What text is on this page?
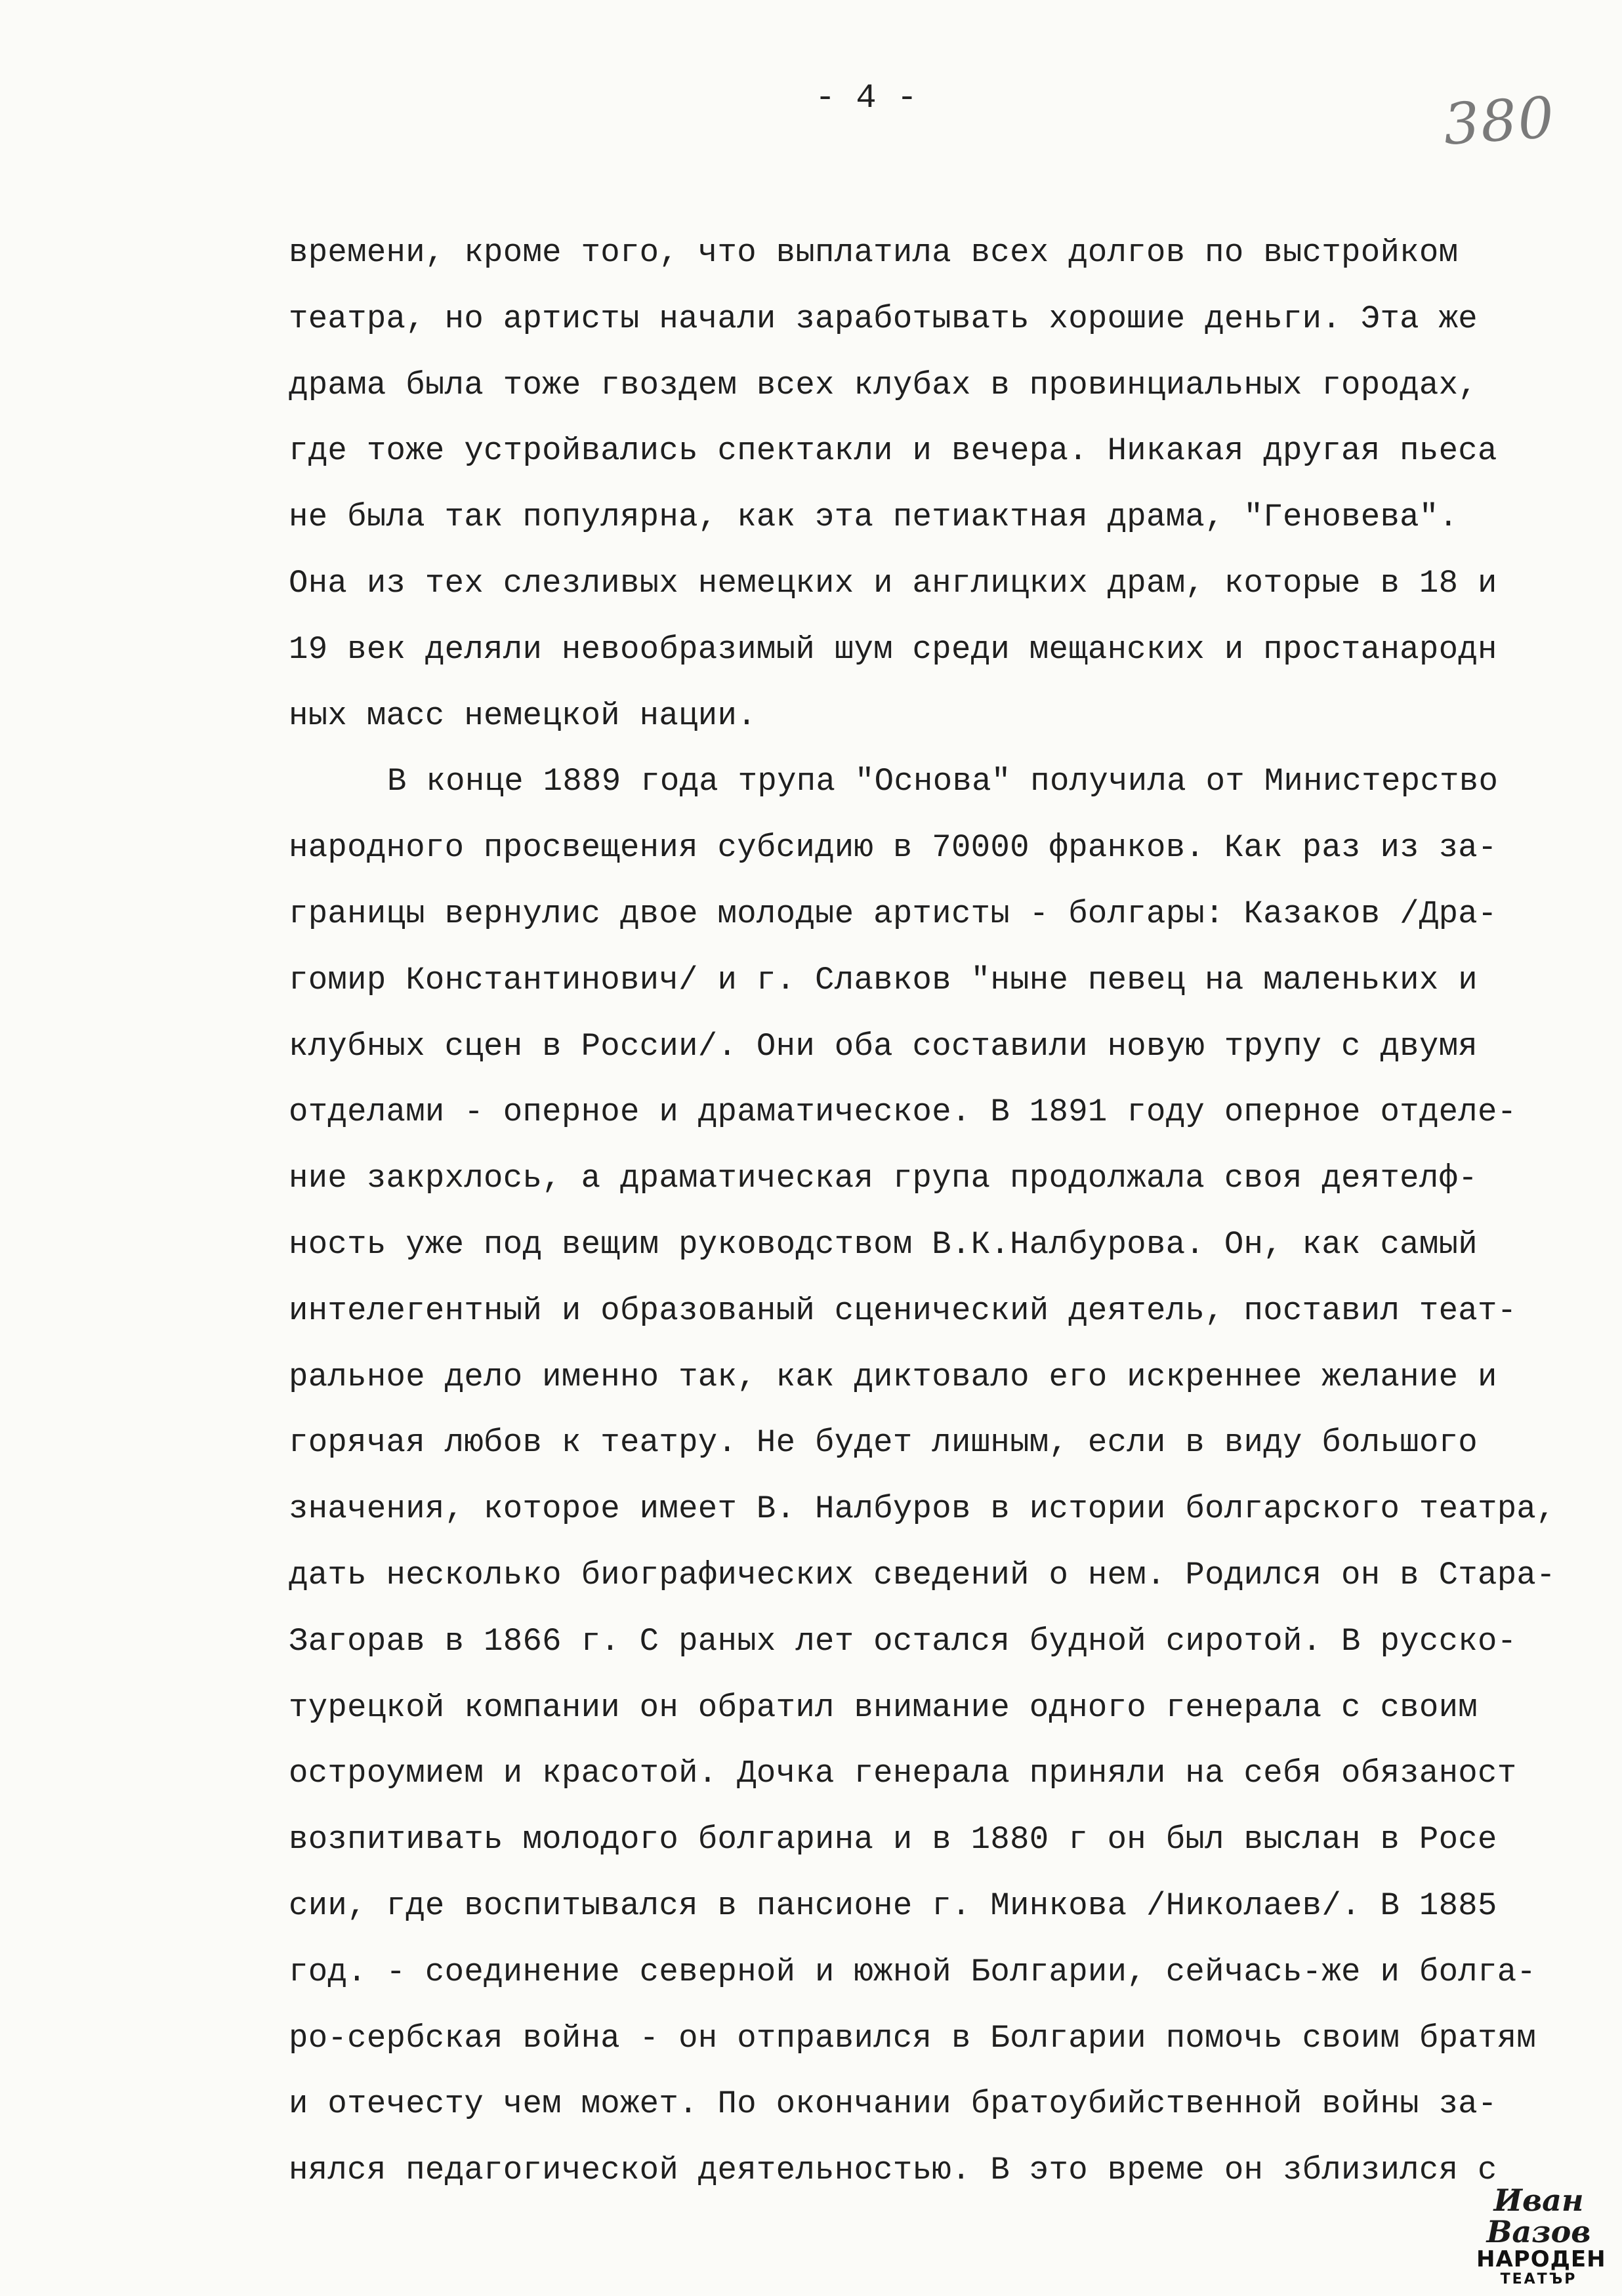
- 4 -	380
времени, кроме того, что выплатила всех долгов по выстройком
театра, но артисты начали заработывать хорошие деньги. Эта же
драма была тоже гвоздем всех клубах в провинциальных городах,
где тоже устройвались спектакли и вечера. Никакая другая пьеса
не была так популярна, как эта петиактная драма, "Геновева".
Она из тех слезливых немецких и англицких драм, которые в 18 и
19 век деляли невообразимый шум среди мещанских и простанародн
ных масс немецкой нации.
В конце 1889 года трупа "Основа" получила от Министерство
народного просвещения субсидию в 70000 франков. Как раз из за-
границы вернулис двое молодые артисты - болгары: Казаков /Дра-
гомир Константинович/ и г. Славков "ныне певец на маленьких и
клубных сцен в России/. Они оба составили новую трупу с двумя
отделами - оперное и драматическое. В 1891 году оперное отделе-
ние закрхлось, а драматическая група продолжала своя деятелф-
ность уже под вещим руководством В.К.Налбурова. Он, как самый
интелегентный и образованый сценический деятель, поставил теат-
ральное дело именно так, как диктовало его искреннее желание и
горячая любов к театру. Не будет лишным, если в виду большого
значения, которое имеет В. Налбуров в истории болгарского театра,
дать несколько биографических сведений о нем. Родился он в Стара-
Загорав в 1866 г. С раных лет остался будной сиротой. В русско-
турецкой компании он обратил внимание одного генерала с своим
остроумием и красотой. Дочка генерала приняли на себя обязаност
возпитивать молодого болгарина и в 1880 г он был выслан в Росе
сии, где воспитывался в пансионе г. Минкова /Николаев/. В 1885
год. - соединение северной и южной Болгарии, сейчась-же и болга-
ро-сербская война - он отправился в Болгарии помочь своим братям
и отечесту чем может. По окончании братоубийственной войны за-
нялся педагогической деятельностью. В это време он зблизился с
Иван Вазов
НАРОДЕН
ТЕАТЪР
